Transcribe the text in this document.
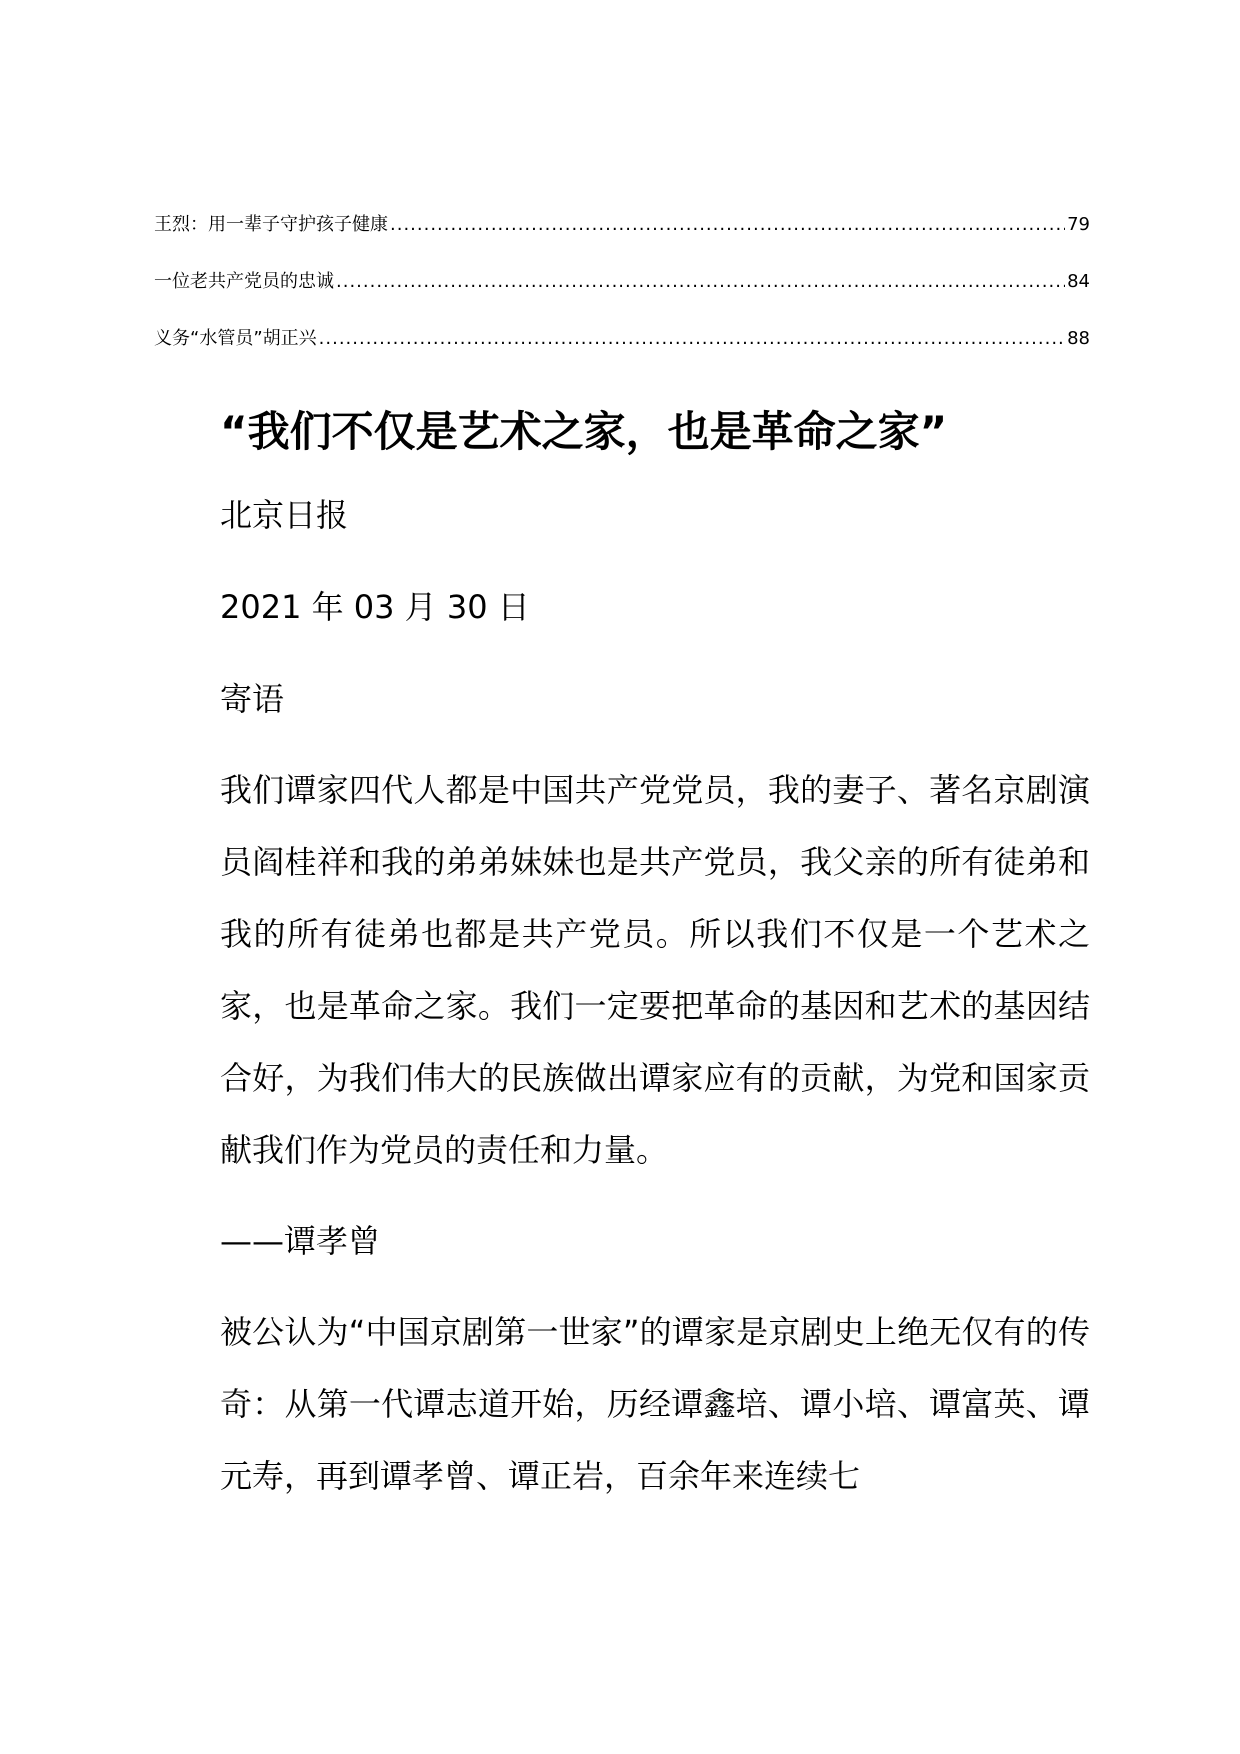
王烈：用一辈子守护孩子健康 .....	79
一位老共产党员的忠诚 .....	84
义务“水管员”胡正兴 .....	88
“我们不仅是艺术之家，也是革命之家”
北京日报
2021 年 03 月 30 日
寄语

我们谭家四代人都是中国共产党党员，我的妻子、著名京剧演员阎桂祥和我的弟弟妹妹也是共产党员，我父亲的所有徒弟和我的所有徒弟也都是共产党员。所以我们不仅是一个艺术之家，也是革命之家。我们一定要把革命的基因和艺术的基因结合好，为我们伟大的民族做出谭家应有的贡献，为党和国家贡献我们作为党员的责任和力量。

——谭孝曾

被公认为“中国京剧第一世家”的谭家是京剧史上绝无仅有的传奇：从第一代谭志道开始，历经谭鑫培、谭小培、谭富英、谭元寿，再到谭孝曾、谭正岩，百余年来连续七
